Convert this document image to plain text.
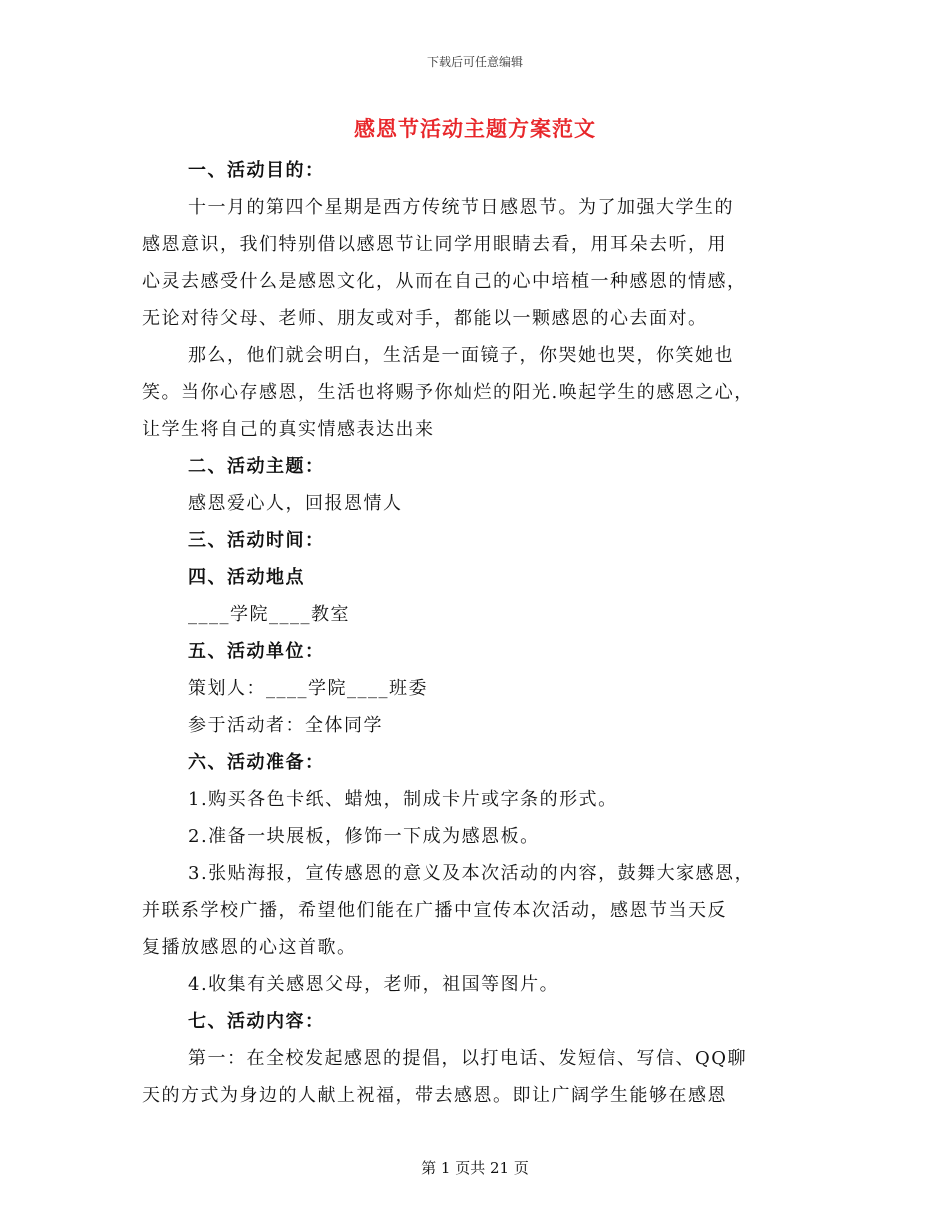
下载后可任意编辑
感恩节活动主题方案范文
一、活动目的：
十一月的第四个星期是西方传统节日感恩节。为了加强大学生的
感恩意识，我们特别借以感恩节让同学用眼睛去看，用耳朵去听，用
心灵去感受什么是感恩文化，从而在自己的心中培植一种感恩的情感，
无论对待父母、老师、朋友或对手，都能以一颗感恩的心去面对。
那么，他们就会明白，生活是一面镜子，你哭她也哭，你笑她也
笑。当你心存感恩，生活也将赐予你灿烂的阳光.唤起学生的感恩之心，
让学生将自己的真实情感表达出来
二、活动主题：
感恩爱心人，回报恩情人
三、活动时间：
四、活动地点
____学院____教室
五、活动单位：
策划人：____学院____班委
参于活动者：全体同学
六、活动准备：
1.购买各色卡纸、蜡烛，制成卡片或字条的形式。
2.准备一块展板，修饰一下成为感恩板。
3.张贴海报，宣传感恩的意义及本次活动的内容，鼓舞大家感恩，
并联系学校广播，希望他们能在广播中宣传本次活动，感恩节当天反
复播放感恩的心这首歌。
4.收集有关感恩父母，老师，祖国等图片。
七、活动内容：
第一：在全校发起感恩的提倡，以打电话、发短信、写信、QQ聊
天的方式为身边的人献上祝福，带去感恩。即让广阔学生能够在感恩
第 1 页共 21 页
